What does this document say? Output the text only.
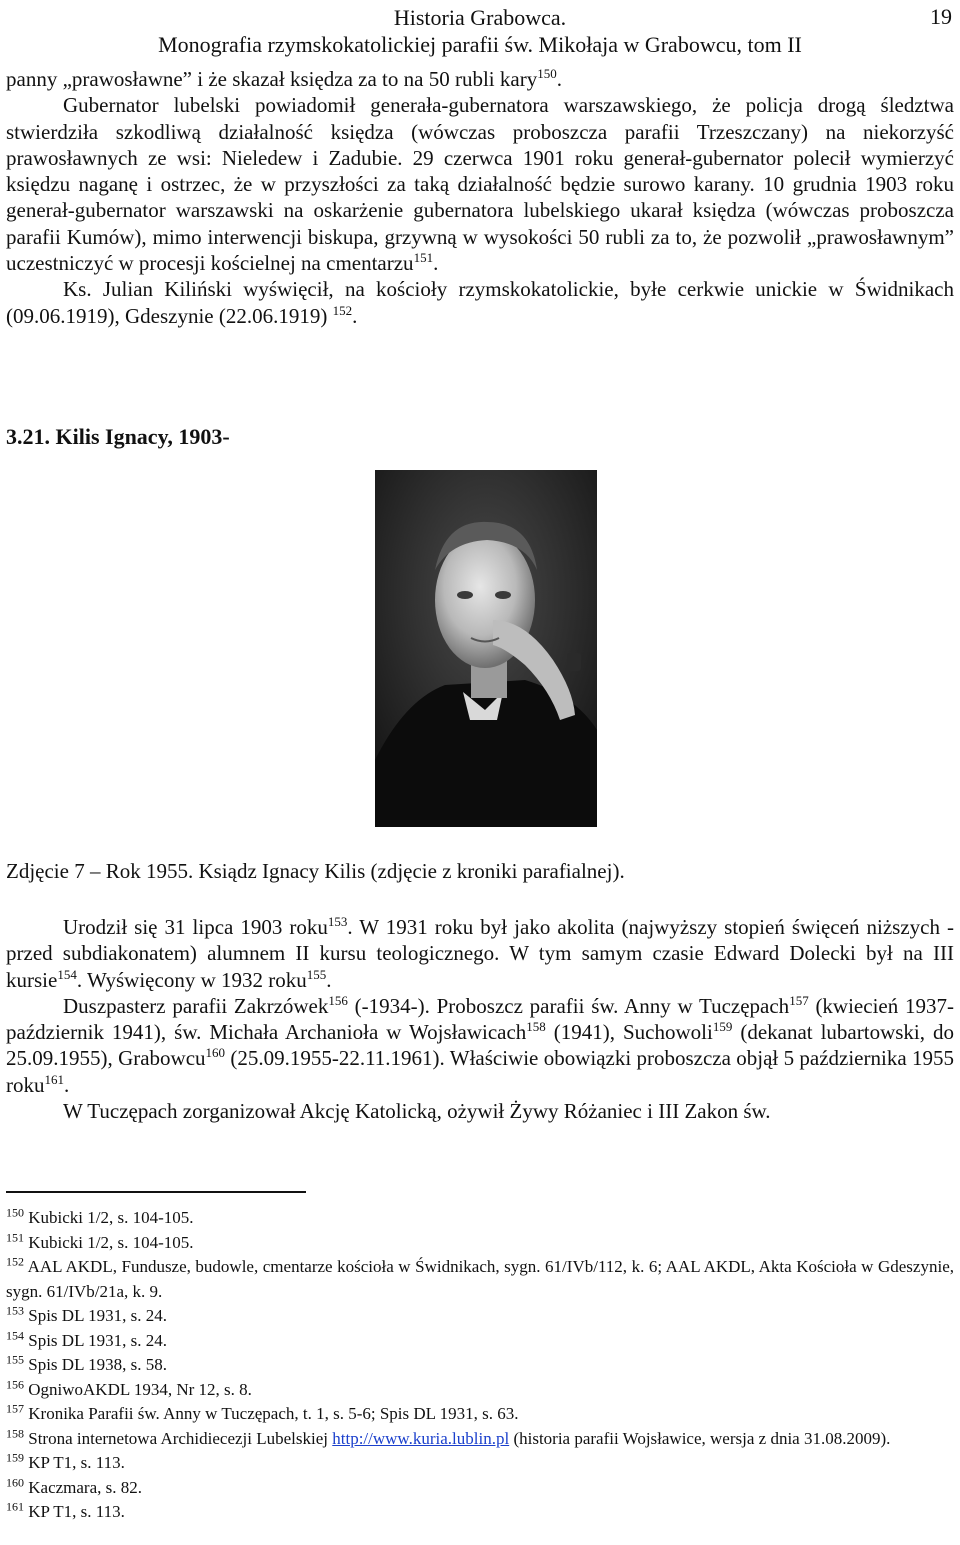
Historia Grabowca.
Monografia rzymskokatolickiej parafii św. Mikołaja w Grabowcu, tom II
19

panny „prawosławne” i że skazał księdza za to na 50 rubli kary$^{150}$.

Gubernator lubelski powiadomił generała-gubernatora warszawskiego, że policja drogą śledztwa stwierdziła szkodliwą działalność księdza (wówczas proboszcza parafii Trzeszczany) na niekorzyść prawosławnych ze wsi: Nieledew i Zadubie. 29 czerwca 1901 roku generał-gubernator polecił wymierzyć księdzu naganę i ostrzec, że w przyszłości za taką działalność będzie surowo karany. 10 grudnia 1903 roku generał-gubernator warszawski na oskarżenie gubernatora lubelskiego ukarał księdza (wówczas proboszcza parafii Kumów), mimo interwencji biskupa, grzywną w wysokości 50 rubli za to, że pozwolił „prawosławnym” uczestniczyć w procesji kościelnej na cmentarzu$^{151}$.

Ks. Julian Kiliński wyświęcił, na kościoły rzymskokatolickie, byłe cerkwie unickie w Świdnikach (09.06.1919), Gdeszynie (22.06.1919) $^{152}$.

3.21. Kilis Ignacy, 1903-
Zdjęcie 7 – Rok 1955. Ksiądz Ignacy Kilis (zdjęcie z kroniki parafialnej).

Urodził się 31 lipca 1903 roku$^{153}$. W 1931 roku był jako akolita (najwyższy stopień święceń niższych - przed subdiakonatem) alumnem II kursu teologicznego. W tym samym czasie Edward Dolecki był na III kursie$^{154}$. Wyświęcony w 1932 roku$^{155}$.

Duszpasterz parafii Zakrzówek$^{156}$ (-1934-). Proboszcz parafii św. Anny w Tuczępach$^{157}$ (kwiecień 1937-październik 1941), św. Michała Archanioła w Wojsławicach$^{158}$ (1941), Suchowoli$^{159}$ (dekanat lubartowski, do 25.09.1955), Grabowcu$^{160}$ (25.09.1955-22.11.1961). Właściwie obowiązki proboszcza objął 5 października 1955 roku$^{161}$.

W Tuczępach zorganizował Akcję Katolicką, ożywił Żywy Różaniec i III Zakon św.

$^{150}$ Kubicki 1/2, s. 104-105.

$^{151}$ Kubicki 1/2, s. 104-105.

$^{152}$ AAL AKDL, Fundusze, budowle, cmentarze kościoła w Świdnikach, sygn. 61/IVb/112, k. 6; AAL AKDL, Akta Kościoła w Gdeszynie, sygn. 61/IVb/21a, k. 9.

$^{153}$ Spis DL 1931, s. 24.

$^{154}$ Spis DL 1931, s. 24.

$^{155}$ Spis DL 1938, s. 58.

$^{156}$ OgniwoAKDL 1934, Nr 12, s. 8.

$^{157}$ Kronika Parafii św. Anny w Tuczępach, t. 1, s. 5-6; Spis DL 1931, s. 63.

$^{158}$ Strona internetowa Archidiecezji Lubelskiej http://www.kuria.lublin.pl (historia parafii Wojsławice, wersja z dnia 31.08.2009).

$^{159}$ KP T1, s. 113.

$^{160}$ Kaczmara, s. 82.

$^{161}$ KP T1, s. 113.
